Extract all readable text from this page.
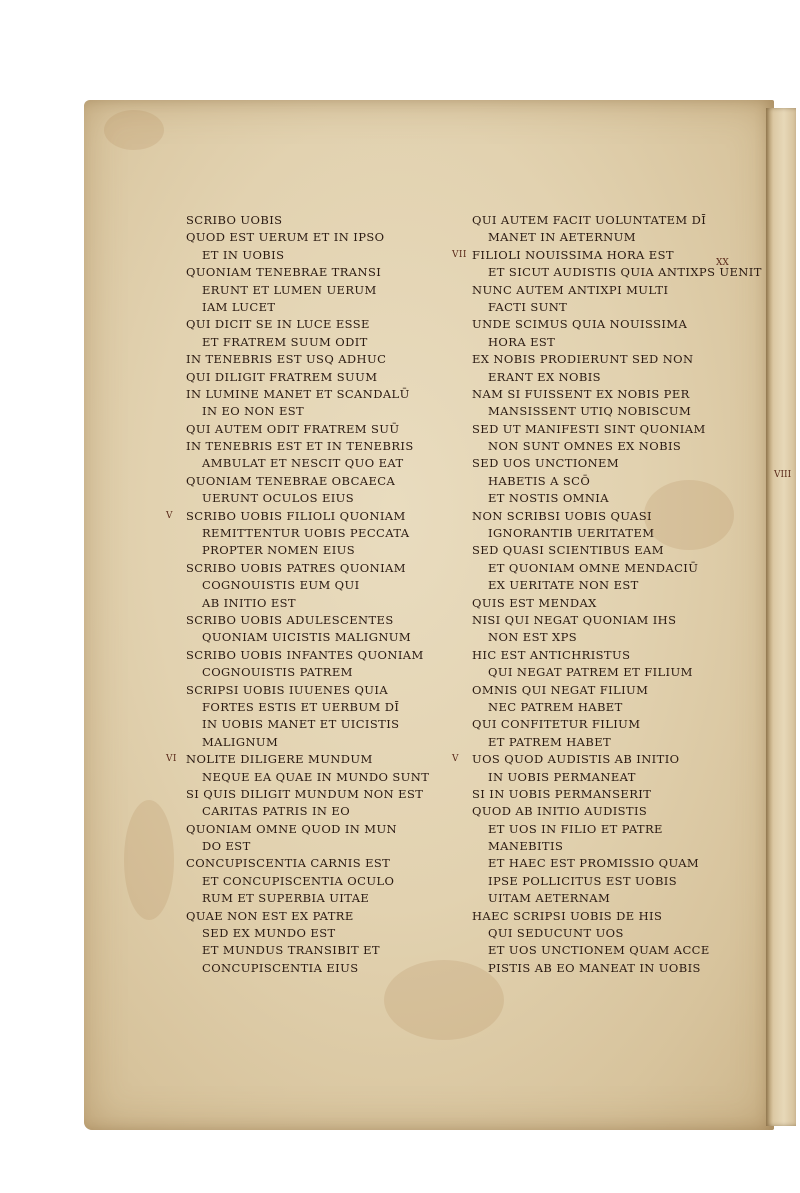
XX
VIII
SCRIBO UOBIS
QUOD EST UERUM ET IN IPSO
ET IN UOBIS
QUONIAM TENEBRAE TRANSI
ERUNT ET LUMEN UERUM
IAM LUCET
QUI DICIT SE IN LUCE ESSE
ET FRATREM SUUM ODIT
IN TENEBRIS EST USQ ADHUC
QUI DILIGIT FRATREM SUUM
IN LUMINE MANET ET SCANDALŪ
IN EO NON EST
QUI AUTEM ODIT FRATREM SUŪ
IN TENEBRIS EST ET IN TENEBRIS
AMBULAT ET NESCIT QUO EAT
QUONIAM TENEBRAE OBCAECA
UERUNT OCULOS EIUS
V SCRIBO UOBIS FILIOLI QUONIAM
REMITTENTUR UOBIS PECCATA
PROPTER NOMEN EIUS
SCRIBO UOBIS PATRES QUONIAM
COGNOUISTIS EUM QUI
AB INITIO EST
SCRIBO UOBIS ADULESCENTES
QUONIAM UICISTIS MALIGNUM
SCRIBO UOBIS INFANTES QUONIAM
COGNOUISTIS PATREM
SCRIPSI UOBIS IUUENES QUIA
FORTES ESTIS ET UERBUM DĪ
IN UOBIS MANET ET UICISTIS
MALIGNUM
VI NOLITE DILIGERE MUNDUM
NEQUE EA QUAE IN MUNDO SUNT
SI QUIS DILIGIT MUNDUM NON EST
CARITAS PATRIS IN EO
QUONIAM OMNE QUOD IN MUN
DO EST
CONCUPISCENTIA CARNIS EST
ET CONCUPISCENTIA OCULO
RUM ET SUPERBIA UITAE
QUAE NON EST EX PATRE
SED EX MUNDO EST
ET MUNDUS TRANSIBIT ET
CONCUPISCENTIA EIUS
QUI AUTEM FACIT UOLUNTATEM DĪ
MANET IN AETERNUM
VII FILIOLI NOUISSIMA HORA EST
ET SICUT AUDISTIS QUIA ANTIXPS UENIT
NUNC AUTEM ANTIXPI MULTI
FACTI SUNT
UNDE SCIMUS QUIA NOUISSIMA
HORA EST
EX NOBIS PRODIERUNT SED NON
ERANT EX NOBIS
NAM SI FUISSENT EX NOBIS PER
MANSISSENT UTIQ NOBISCUM
SED UT MANIFESTI SINT QUONIAM
NON SUNT OMNES EX NOBIS
SED UOS UNCTIONEM
HABETIS A SCŌ
ET NOSTIS OMNIA
NON SCRIBSI UOBIS QUASI
IGNORANTIB UERITATEM
SED QUASI SCIENTIBUS EAM
ET QUONIAM OMNE MENDACIŪ
EX UERITATE NON EST
QUIS EST MENDAX
NISI QUI NEGAT QUONIAM IHS
NON EST XPS
HIC EST ANTICHRISTUS
QUI NEGAT PATREM ET FILIUM
OMNIS QUI NEGAT FILIUM
NEC PATREM HABET
QUI CONFITETUR FILIUM
ET PATREM HABET
V UOS QUOD AUDISTIS AB INITIO
IN UOBIS PERMANEAT
SI IN UOBIS PERMANSERIT
QUOD AB INITIO AUDISTIS
ET UOS IN FILIO ET PATRE
MANEBITIS
ET HAEC EST PROMISSIO QUAM
IPSE POLLICITUS EST UOBIS
UITAM AETERNAM
HAEC SCRIPSI UOBIS DE HIS
QUI SEDUCUNT UOS
ET UOS UNCTIONEM QUAM ACCE
PISTIS AB EO MANEAT IN UOBIS
